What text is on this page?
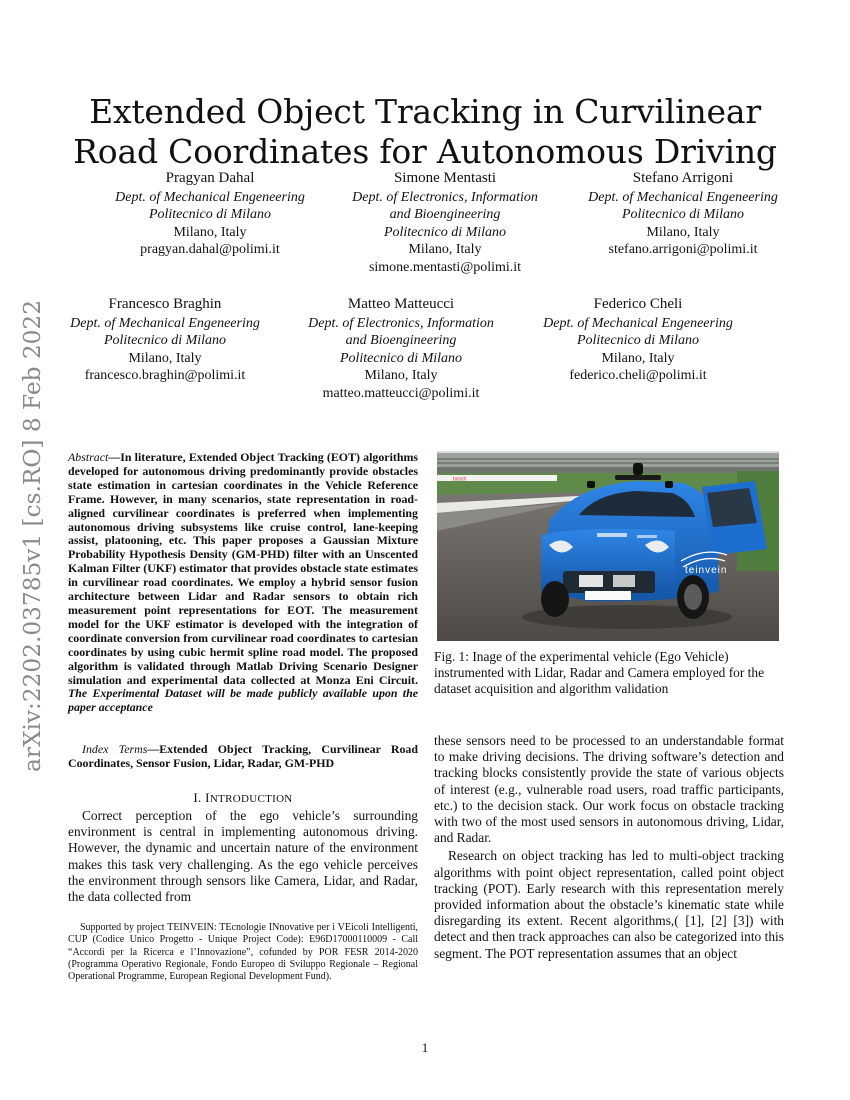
Extended Object Tracking in Curvilinear Road Coordinates for Autonomous Driving
arXiv:2202.03785v1 [cs.RO] 8 Feb 2022
Pragyan Dahal
Dept. of Mechanical Engeneering
Politecnico di Milano
Milano, Italy
pragyan.dahal@polimi.it
Simone Mentasti
Dept. of Electronics, Information
and Bioengineering
Politecnico di Milano
Milano, Italy
simone.mentasti@polimi.it
Stefano Arrigoni
Dept. of Mechanical Engeneering
Politecnico di Milano
Milano, Italy
stefano.arrigoni@polimi.it
Francesco Braghin
Dept. of Mechanical Engeneering
Politecnico di Milano
Milano, Italy
francesco.braghin@polimi.it
Matteo Matteucci
Dept. of Electronics, Information
and Bioengineering
Politecnico di Milano
Milano, Italy
matteo.matteucci@polimi.it
Federico Cheli
Dept. of Mechanical Engeneering
Politecnico di Milano
Milano, Italy
federico.cheli@polimi.it
Abstract—In literature, Extended Object Tracking (EOT) algorithms developed for autonomous driving predominantly provide obstacles state estimation in cartesian coordinates in the Vehicle Reference Frame. However, in many scenarios, state representation in road-aligned curvilinear coordinates is preferred when implementing autonomous driving subsystems like cruise control, lane-keeping assist, platooning, etc. This paper proposes a Gaussian Mixture Probability Hypothesis Density (GM-PHD) filter with an Unscented Kalman Filter (UKF) estimator that provides obstacle state estimates in curvilinear road coordinates. We employ a hybrid sensor fusion architecture between Lidar and Radar sensors to obtain rich measurement point representations for EOT. The measurement model for the UKF estimator is developed with the integration of coordinate conversion from curvilinear road coordinates to cartesian coordinates by using cubic hermit spline road model. The proposed algorithm is validated through Matlab Driving Scenario Designer simulation and experimental data collected at Monza Eni Circuit. The Experimental Dataset will be made publicly available upon the paper acceptance
Index Terms—Extended Object Tracking, Curvilinear Road Coordinates, Sensor Fusion, Lidar, Radar, GM-PHD
I. INTRODUCTION
Correct perception of the ego vehicle’s surrounding environment is central in implementing autonomous driving. However, the dynamic and uncertain nature of the environment makes this task very challenging. As the ego vehicle perceives the environment through sensors like Camera, Lidar, and Radar, the data collected from
Supported by project TEINVEIN: TEcnologie INnovative per i VEicoli Intelligenti, CUP (Codice Unico Progetto - Unique Project Code): E96D17000110009 - Call “Accordi per la Ricerca e l’Innovazione”, cofunded by POR FESR 2014-2020 (Programma Operativo Regionale, Fondo Europeo di Sviluppo Regionale – Regional Operational Programme, European Regional Development Fund).
bosch
teinvein
Fig. 1: Inage of the experimental vehicle (Ego Vehicle) instrumented with Lidar, Radar and Camera employed for the dataset acquisition and algorithm validation

these sensors need to be processed to an understandable format to make driving decisions. The driving software’s detection and tracking blocks consistently provide the state of various objects of interest (e.g., vulnerable road users, road traffic participants, etc.) to the decision stack. Our work focus on obstacle tracking with two of the most used sensors in autonomous driving, Lidar, and Radar.

Research on object tracking has led to multi-object tracking algorithms with point object representation, called point object tracking (POT). Early research with this representation merely provided information about the obstacle’s kinematic state while disregarding its extent. Recent algorithms,( [1], [2] [3]) with detect and then track approaches can also be categorized into this segment. The POT representation assumes that an object

1
